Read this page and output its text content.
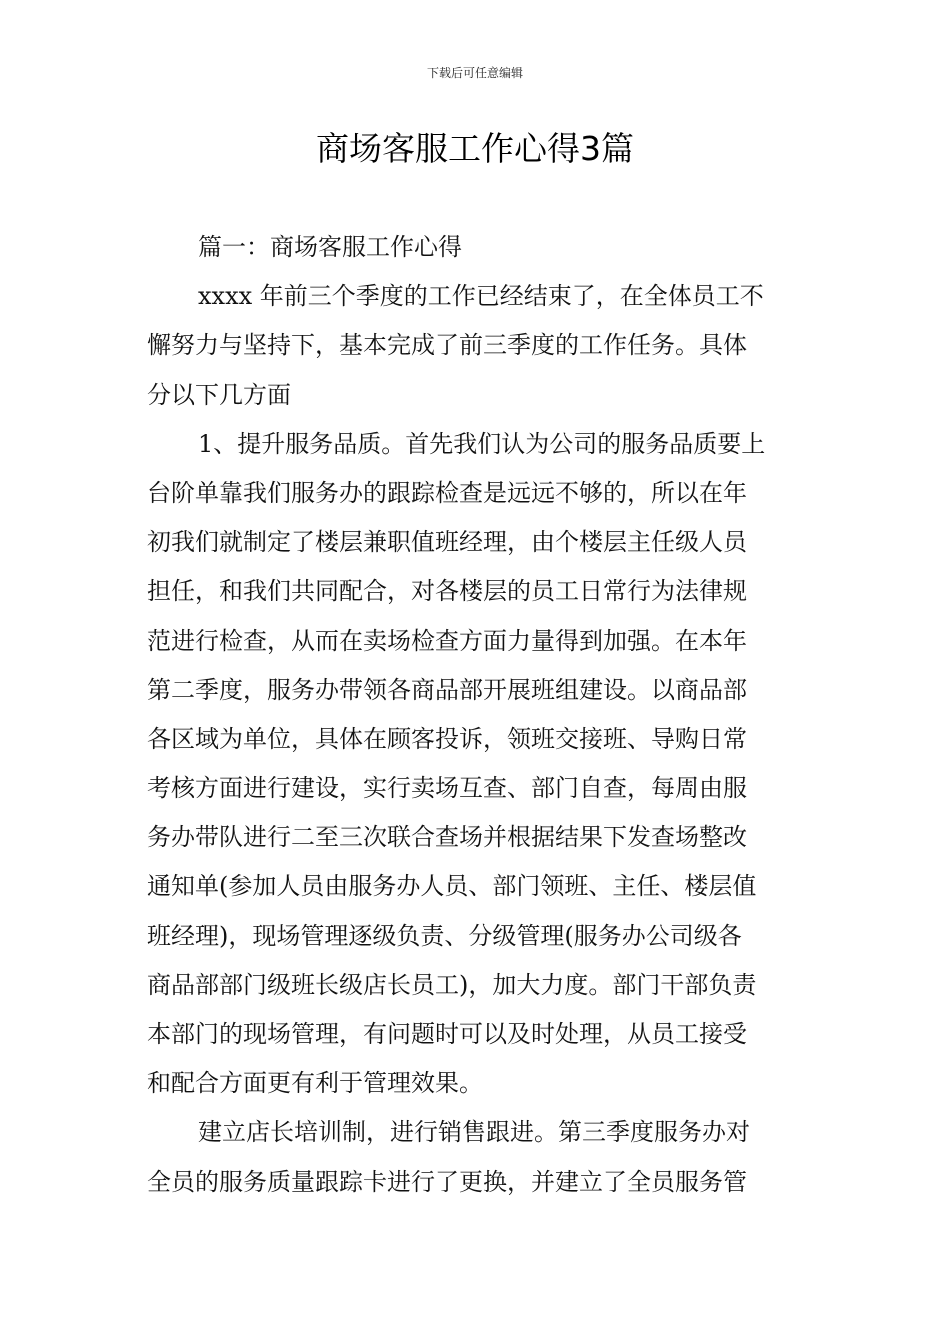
下载后可任意编辑
商场客服工作心得3篇
篇一：商场客服工作心得
xxxx 年前三个季度的工作已经结束了，在全体员工不
懈努力与坚持下，基本完成了前三季度的工作任务。具体
分以下几方面
1、提升服务品质。首先我们认为公司的服务品质要上
台阶单靠我们服务办的跟踪检查是远远不够的，所以在年
初我们就制定了楼层兼职值班经理，由个楼层主任级人员
担任，和我们共同配合，对各楼层的员工日常行为法律规
范进行检查，从而在卖场检查方面力量得到加强。在本年
第二季度，服务办带领各商品部开展班组建设。以商品部
各区域为单位，具体在顾客投诉，领班交接班、导购日常
考核方面进行建设，实行卖场互查、部门自查，每周由服
务办带队进行二至三次联合查场并根据结果下发查场整改
通知单(参加人员由服务办人员、部门领班、主任、楼层值
班经理)，现场管理逐级负责、分级管理(服务办公司级各
商品部部门级班长级店长员工)，加大力度。部门干部负责
本部门的现场管理，有问题时可以及时处理，从员工接受
和配合方面更有利于管理效果。
建立店长培训制，进行销售跟进。第三季度服务办对
全员的服务质量跟踪卡进行了更换，并建立了全员服务管
